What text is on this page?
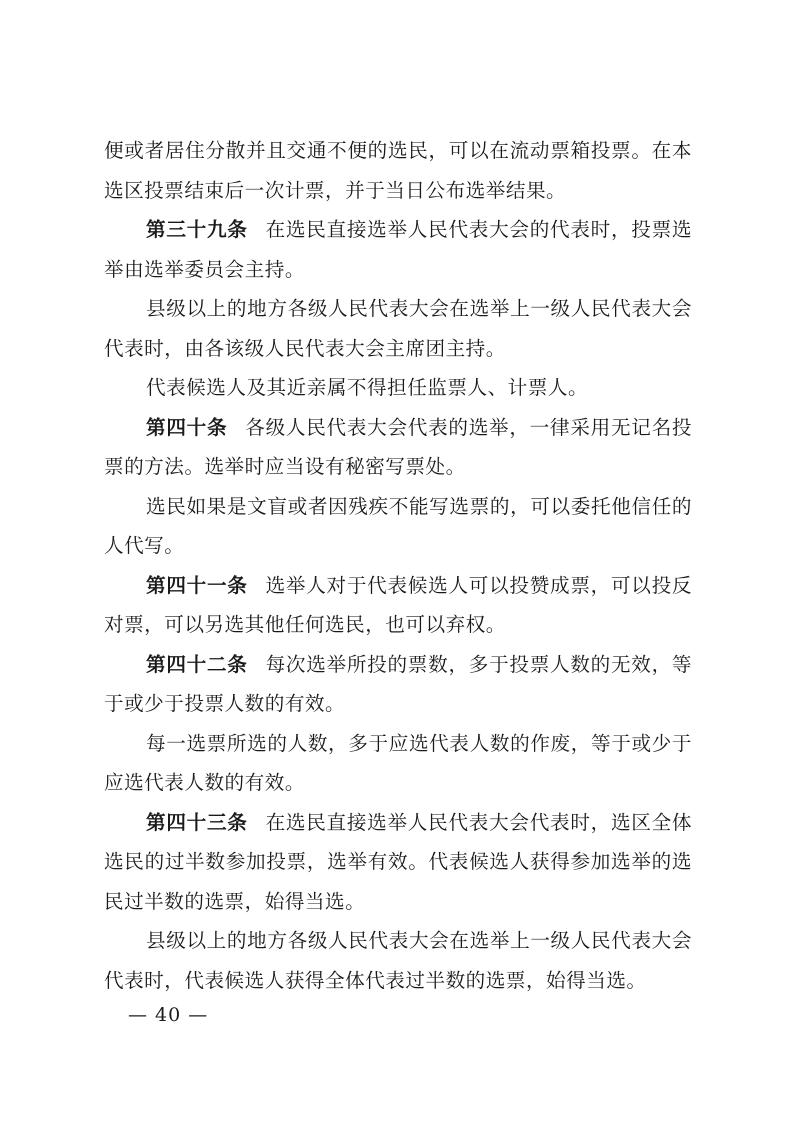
便或者居住分散并且交通不便的选民，可以在流动票箱投票。在本选区投票结束后一次计票，并于当日公布选举结果。

第三十九条 在选民直接选举人民代表大会的代表时，投票选举由选举委员会主持。

县级以上的地方各级人民代表大会在选举上一级人民代表大会代表时，由各该级人民代表大会主席团主持。

代表候选人及其近亲属不得担任监票人、计票人。

第四十条 各级人民代表大会代表的选举，一律采用无记名投票的方法。选举时应当设有秘密写票处。

选民如果是文盲或者因残疾不能写选票的，可以委托他信任的人代写。

第四十一条 选举人对于代表候选人可以投赞成票，可以投反对票，可以另选其他任何选民，也可以弃权。

第四十二条 每次选举所投的票数，多于投票人数的无效，等于或少于投票人数的有效。

每一选票所选的人数，多于应选代表人数的作废，等于或少于应选代表人数的有效。

第四十三条 在选民直接选举人民代表大会代表时，选区全体选民的过半数参加投票，选举有效。代表候选人获得参加选举的选民过半数的选票，始得当选。

县级以上的地方各级人民代表大会在选举上一级人民代表大会代表时，代表候选人获得全体代表过半数的选票，始得当选。

— 40 —
